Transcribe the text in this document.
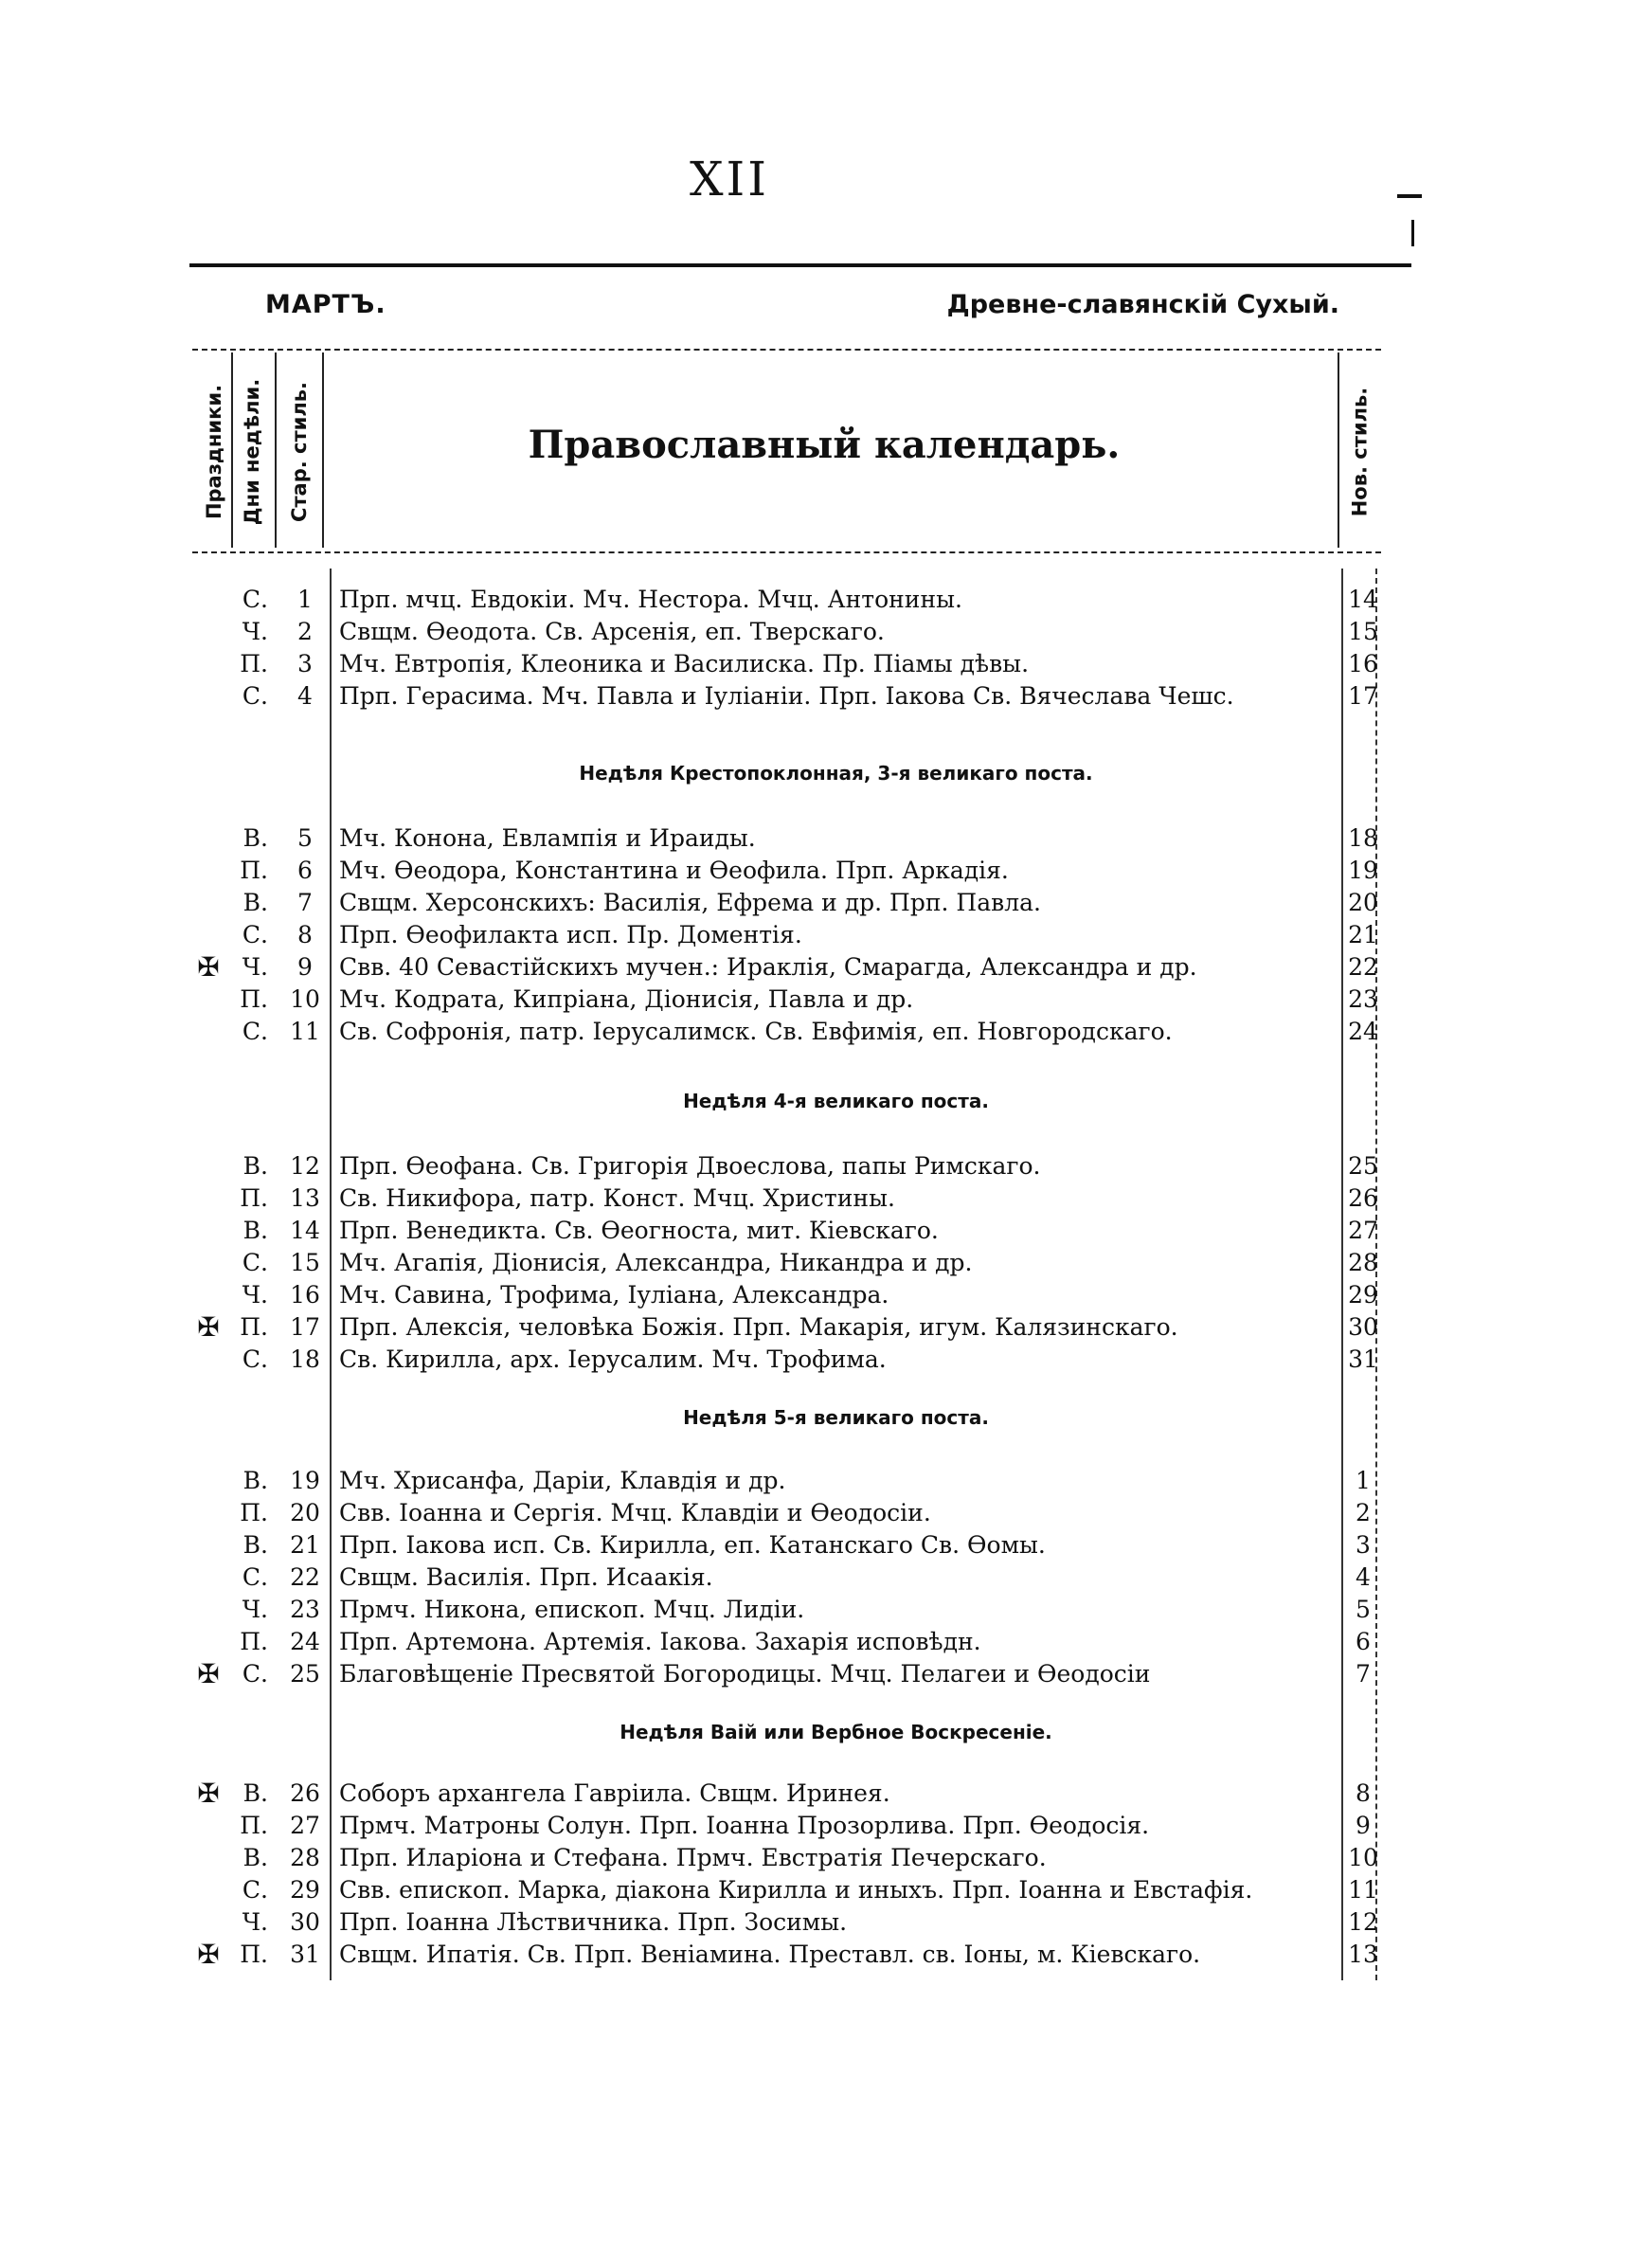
XII
МАРТЪ.	Древне-славянскій Сухый.
Праздники. Дни недѣли. Стар. стиль.	Нов. стиль.
Православный календарь.
С.	1	Прп. мчц. Евдокіи. Мч. Нестора. Мчц. Антонины.	14
Ч.	2	Свщм. Ѳеодота. Св. Арсенія, еп. Тверскаго.	15
П.	3	Мч. Евтропія, Клеоника и Василиска. Пр. Пiамы дѣвы.	16
С.	4	Прп. Герасима. Мч. Павла и Іуліаніи. Прп. Іакова Св. Вячеслава Чешс.	17
Недѣля Крестопоклонная, 3-я великаго поста.
В.	5	Мч. Конона, Евлампія и Ираиды.	18
П.	6	Мч. Ѳеодора, Константина и Ѳеофила. Прп. Аркадія.	19
В.	7	Свщм. Херсонскихъ: Василія, Ефрема и др. Прп. Павла.	20
С.	8	Прп. Ѳеофилакта исп. Пр. Доментія.	21
✠ Ч.	9	Свв. 40 Севастійскихъ мучен.: Ираклія, Смарагда, Александра и др.	22
П. 10 Мч. Кодрата, Кипріана, Діонисія, Павла и др.	23
С. 11 Св. Софронія, патр. Іерусалимск. Св. Евфимія, еп. Новгородскаго.	24
Недѣля 4-я великаго поста.
В. 12 Прп. Ѳеофана. Св. Григорія Двоеслова, папы Римскаго.	25
П. 13 Св. Никифора, патр. Конст. Мчц. Христины.	26
В. 14 Прп. Венедикта. Св. Ѳеогноста, мит. Кіевскаго.	27
С. 15 Мч. Агапія, Діонисія, Александра, Никандра и др.	28
Ч. 16 Мч. Савина, Трофима, Іуліана, Александра.	29
✠ П. 17 Прп. Алексія, человѣка Божія. Прп. Макарія, игум. Калязинскаго.	30
С. 18 Св. Кирилла, арх. Іерусалим. Мч. Трофима.	31
Недѣля 5-я великаго поста.
В. 19 Мч. Хрисанфа, Даріи, Клавдія и др.	1
П. 20 Свв. Іоанна и Сергія. Мчц. Клавдіи и Ѳеодосіи.	2
В. 21 Прп. Іакова исп. Св. Кирилла, еп. Катанскаго Св. Ѳомы.	3
С. 22 Свщм. Василія. Прп. Исаакія.	4
Ч. 23 Прмч. Никона, епископ. Мчц. Лидіи.	5
П. 24 Прп. Артемона. Артемія. Іакова. Захарія исповѣдн.	6
✠ С. 25 Благовѣщеніе Пресвятой Богородицы. Мчц. Пелагеи и Ѳеодосіи	7
Недѣля Ваій или Вербное Воскресеніе.
✠ В. 26 Соборъ архангела Гавріила. Свщм. Иринея.	8
П. 27 Прмч. Матроны Солун. Прп. Іоанна Прозорлива. Прп. Ѳеодосія.	9
В. 28 Прп. Иларіона и Стефана. Прмч. Евстратія Печерскаго.	10
С. 29 Свв. епископ. Марка, діакона Кирилла и иныхъ. Прп. Іоанна и Евстафія.	11
Ч. 30 Прп. Іоанна Лѣствичника. Прп. Зосимы.	12
✠ П. 31 Свщм. Ипатія. Св. Прп. Веніамина. Преставл. св. Іоны, м. Кіевскаго.	13
